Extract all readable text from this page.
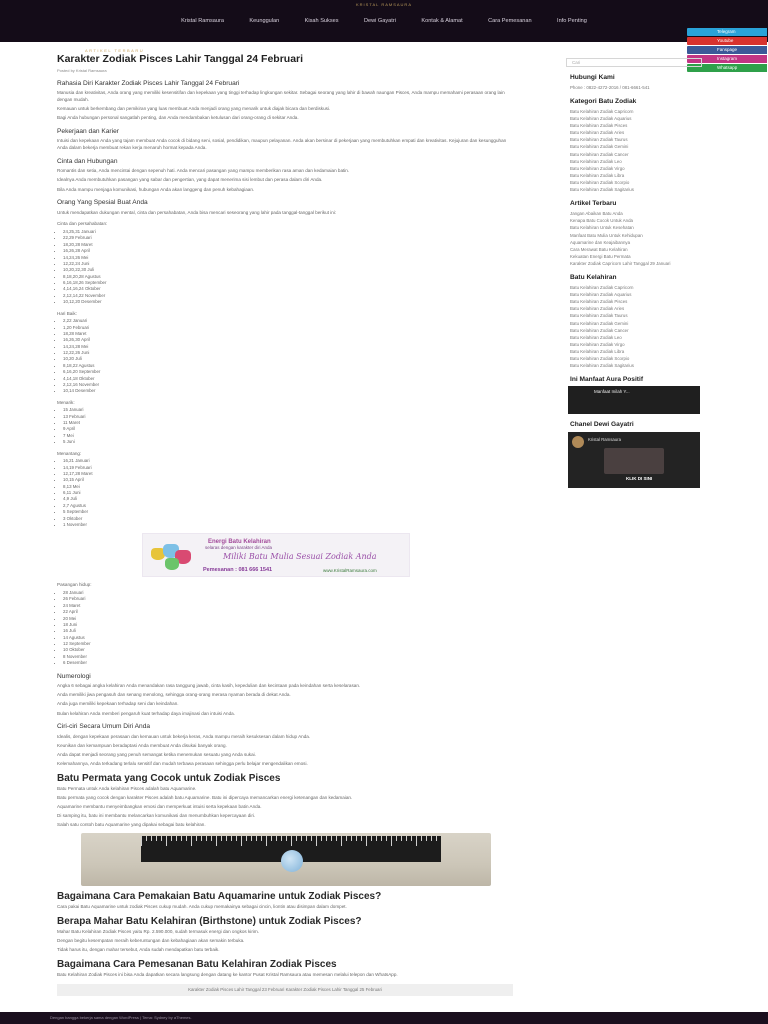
KRISTAL RAMSAURA
Kristal Ramsaura	Keunggulan	Kisah Sukses	Dewi Gayatri	Kontak & Alamat	Cara Pemesanan	Info Penting
Telegram
Youtube
Fanspage
Instagram
Whatsapp
ARTIKEL TERBARU
Karakter Zodiak Pisces Lahir Tanggal 24 Februari
Posted by Kristal Ramsaura
Rahasia Diri Karakter Zodiak Pisces Lahir Tanggal 24 Februari
Manusia dan kreativitas, Anda orang yang memiliki kesensitifan dan kepekaan yang tinggi terhadap lingkungan sekitar. Sebagai seorang yang lahir di bawah naungan Pisces, Anda mampu memahami perasaan orang lain dengan mudah.
Kemauan untuk berkembang dan pemikiran yang luas membuat Anda menjadi orang yang menarik untuk diajak bicara dan berdiskusi.
Bagi Anda hubungan personal sangatlah penting, dan Anda mendambakan ketulusan dari orang-orang di sekitar Anda.
Pekerjaan dan Karier
Intuisi dan kepekaan Anda yang tajam membuat Anda cocok di bidang seni, sosial, pendidikan, maupun pelayanan. Anda akan bersinar di pekerjaan yang membutuhkan empati dan kreativitas. Kejujuran dan kesungguhan Anda dalam bekerja membuat rekan kerja menaruh hormat kepada Anda.
Cinta dan Hubungan
Romantis dan setia, Anda mencintai dengan sepenuh hati. Anda mencari pasangan yang mampu memberikan rasa aman dan kedamaian batin.
Idealnya Anda membutuhkan pasangan yang sabar dan pengertian, yang dapat menerima sisi lembut dan perasa dalam diri Anda.
Bila Anda mampu menjaga komunikasi, hubungan Anda akan langgeng dan penuh kebahagiaan.
Orang Yang Spesial Buat Anda
Untuk mendapatkan dukungan mental, cinta dan persahabatan, Anda bisa mencari seseorang yang lahir pada tanggal-tanggal berikut ini:
Cinta dan persahabatan:
• 24,25,31 Januari
• 22,29 Februari
• 18,20,28 Maret
• 16,26,28 April
• 14,24,26 Mei
• 12,22,24 Juni
• 10,20,22,30 Juli
• 8,18,20,28 Agustus
• 6,16,18,26 September
• 4,14,16,24 Oktober
• 2,12,14,22 November
• 10,12,20 Desember
Hari Baik:
• 2,22 Januari
• 1,20 Februari
• 18,28 Maret
• 16,26,30 April
• 14,24,28 Mei
• 12,22,26 Juni
• 10,20 Juli
• 8,18,22 Agustus
• 6,16,20 September
• 4,14,18 Oktober
• 2,12,16 November
• 10,14 Desember
Menarik:
• 15 Januari
• 13 Februari
• 11 Maret
• 9 April
• 7 Mei
• 5 Juni
Menantang:
• 16,21 Januari
• 14,19 Februari
• 12,17,28 Maret
• 10,15 April
• 8,13 Mei
• 6,11 Juni
• 4,9 Juli
• 2,7 Agustus
• 5 September
• 3 Oktober
• 1 November
Energi Batu Kelahiran
selaras dengan karakter diri Anda
Miliki Batu Mulia Sesuai Zodiak Anda
Pemesanan : 081 666 1541	www.KristalRamsaura.com
Pasangan hidup:
• 28 Januari
• 26 Februari
• 24 Maret
• 22 April
• 20 Mei
• 18 Juni
• 16 Juli
• 14 Agustus
• 12 September
• 10 Oktober
• 8 November
• 6 Desember
Numerologi
Angka 6 sebagai angka kelahiran Anda menandakan rasa tanggung jawab, cinta kasih, kepedulian dan kecintaan pada keindahan serta keselarasan.
Anda memiliki jiwa pengasuh dan senang menolong, sehingga orang-orang merasa nyaman berada di dekat Anda.
Anda juga memiliki kepekaan terhadap seni dan keindahan.
Bulan kelahiran Anda memberi pengaruh kuat terhadap daya imajinasi dan intuisi Anda.
Ciri-ciri Secara Umum Diri Anda
Idealis, dengan kepekaan perasaan dan kemauan untuk bekerja keras, Anda mampu meraih kesuksesan dalam hidup Anda.
Keunikan dan kemampuan beradaptasi Anda membuat Anda disukai banyak orang.
Anda dapat menjadi seorang yang penuh semangat ketika menemukan sesuatu yang Anda sukai.
Kelemahannya, Anda terkadang terlalu sensitif dan mudah terbawa perasaan sehingga perlu belajar mengendalikan emosi.
Batu Permata yang Cocok untuk Zodiak Pisces
Batu Permata untuk Anda kelahiran Pisces adalah batu Aquamarine.
Batu permata yang cocok dengan karakter Pisces adalah batu Aquamarine. Batu ini dipercaya memancarkan energi ketenangan dan kedamaian.
Aquamarine membantu menyeimbangkan emosi dan memperkuat intuisi serta kepekaan batin Anda.
Di samping itu, batu ini membantu melancarkan komunikasi dan menumbuhkan kepercayaan diri.
Salah satu contoh batu Aquamarine yang dipakai sebagai batu kelahiran.
Bagaimana Cara Pemakaian Batu Aquamarine untuk Zodiak Pisces?
Cara pakai Batu Aquamarine untuk zodiak Pisces cukup mudah. Anda cukup memakainya sebagai cincin, liontin atau disimpan dalam dompet.
Berapa Mahar Batu Kelahiran (Birthstone) untuk Zodiak Pisces?
Mahar Batu Kelahiran Zodiak Pisces yaitu Rp. 2.590.000, sudah termasuk energi dan ongkos kirim.
Dengan begitu kesempatan meraih keberuntungan dan kebahagiaan akan semakin terbuka.
Tidak harus itu, dengan mahar tersebut, Anda sudah mendapatkan batu terbaik.
Bagaimana Cara Pemesanan Batu Kelahiran Zodiak Pisces
Batu Kelahiran Zodiak Pisces ini bisa Anda dapatkan secara langsung dengan datang ke kantor Pusat Kristal Ramsaura atau memesan melalui telepon dan WhatsApp.
Karakter Zodiak Pisces Lahir Tanggal 23 Februari Karakter Zodiak Pisces Lahir Tanggal 25 Februari
Cari
Hubungi Kami
Phone : 0822-4272-2016 / 081-6661-541
Kategori Batu Zodiak
Batu Kelahiran Zodiak Capricorn
Batu Kelahiran Zodiak Aquarius
Batu Kelahiran Zodiak Pisces
Batu Kelahiran Zodiak Aries
Batu Kelahiran Zodiak Taurus
Batu Kelahiran Zodiak Gemini
Batu Kelahiran Zodiak Cancer
Batu Kelahiran Zodiak Leo
Batu Kelahiran Zodiak Virgo
Batu Kelahiran Zodiak Libra
Batu Kelahiran Zodiak Scorpio
Batu Kelahiran Zodiak Sagitarius
Artikel Terbaru
Jangan Abaikan Batu Anda
Kenapa Batu Cocok Untuk Anda
Batu Kelahiran Untuk Kesehatan
Manfaat Batu Mulia Untuk Kehidupan
Aquamarine dan Keajaibannya
Cara Merawat Batu Kelahiran
Kekuatan Energi Batu Permata
Karakter Zodiak Capricorn Lahir Tanggal 29 Januari
Batu Kelahiran
Batu Kelahiran Zodiak Capricorn
Batu Kelahiran Zodiak Aquarius
Batu Kelahiran Zodiak Pisces
Batu Kelahiran Zodiak Aries
Batu Kelahiran Zodiak Taurus
Batu Kelahiran Zodiak Gemini
Batu Kelahiran Zodiak Cancer
Batu Kelahiran Zodiak Leo
Batu Kelahiran Zodiak Virgo
Batu Kelahiran Zodiak Libra
Batu Kelahiran Zodiak Scorpio
Batu Kelahiran Zodiak Sagitarius
Ini Manfaat Aura Positif
Manfaat Inilah Y...
Chanel Dewi Gayatri
Kristal Ramsaura
KLIK DI SINI
Dengan bangga bekerja sama dengan WordPress | Tema: Sydney by aThemes.
